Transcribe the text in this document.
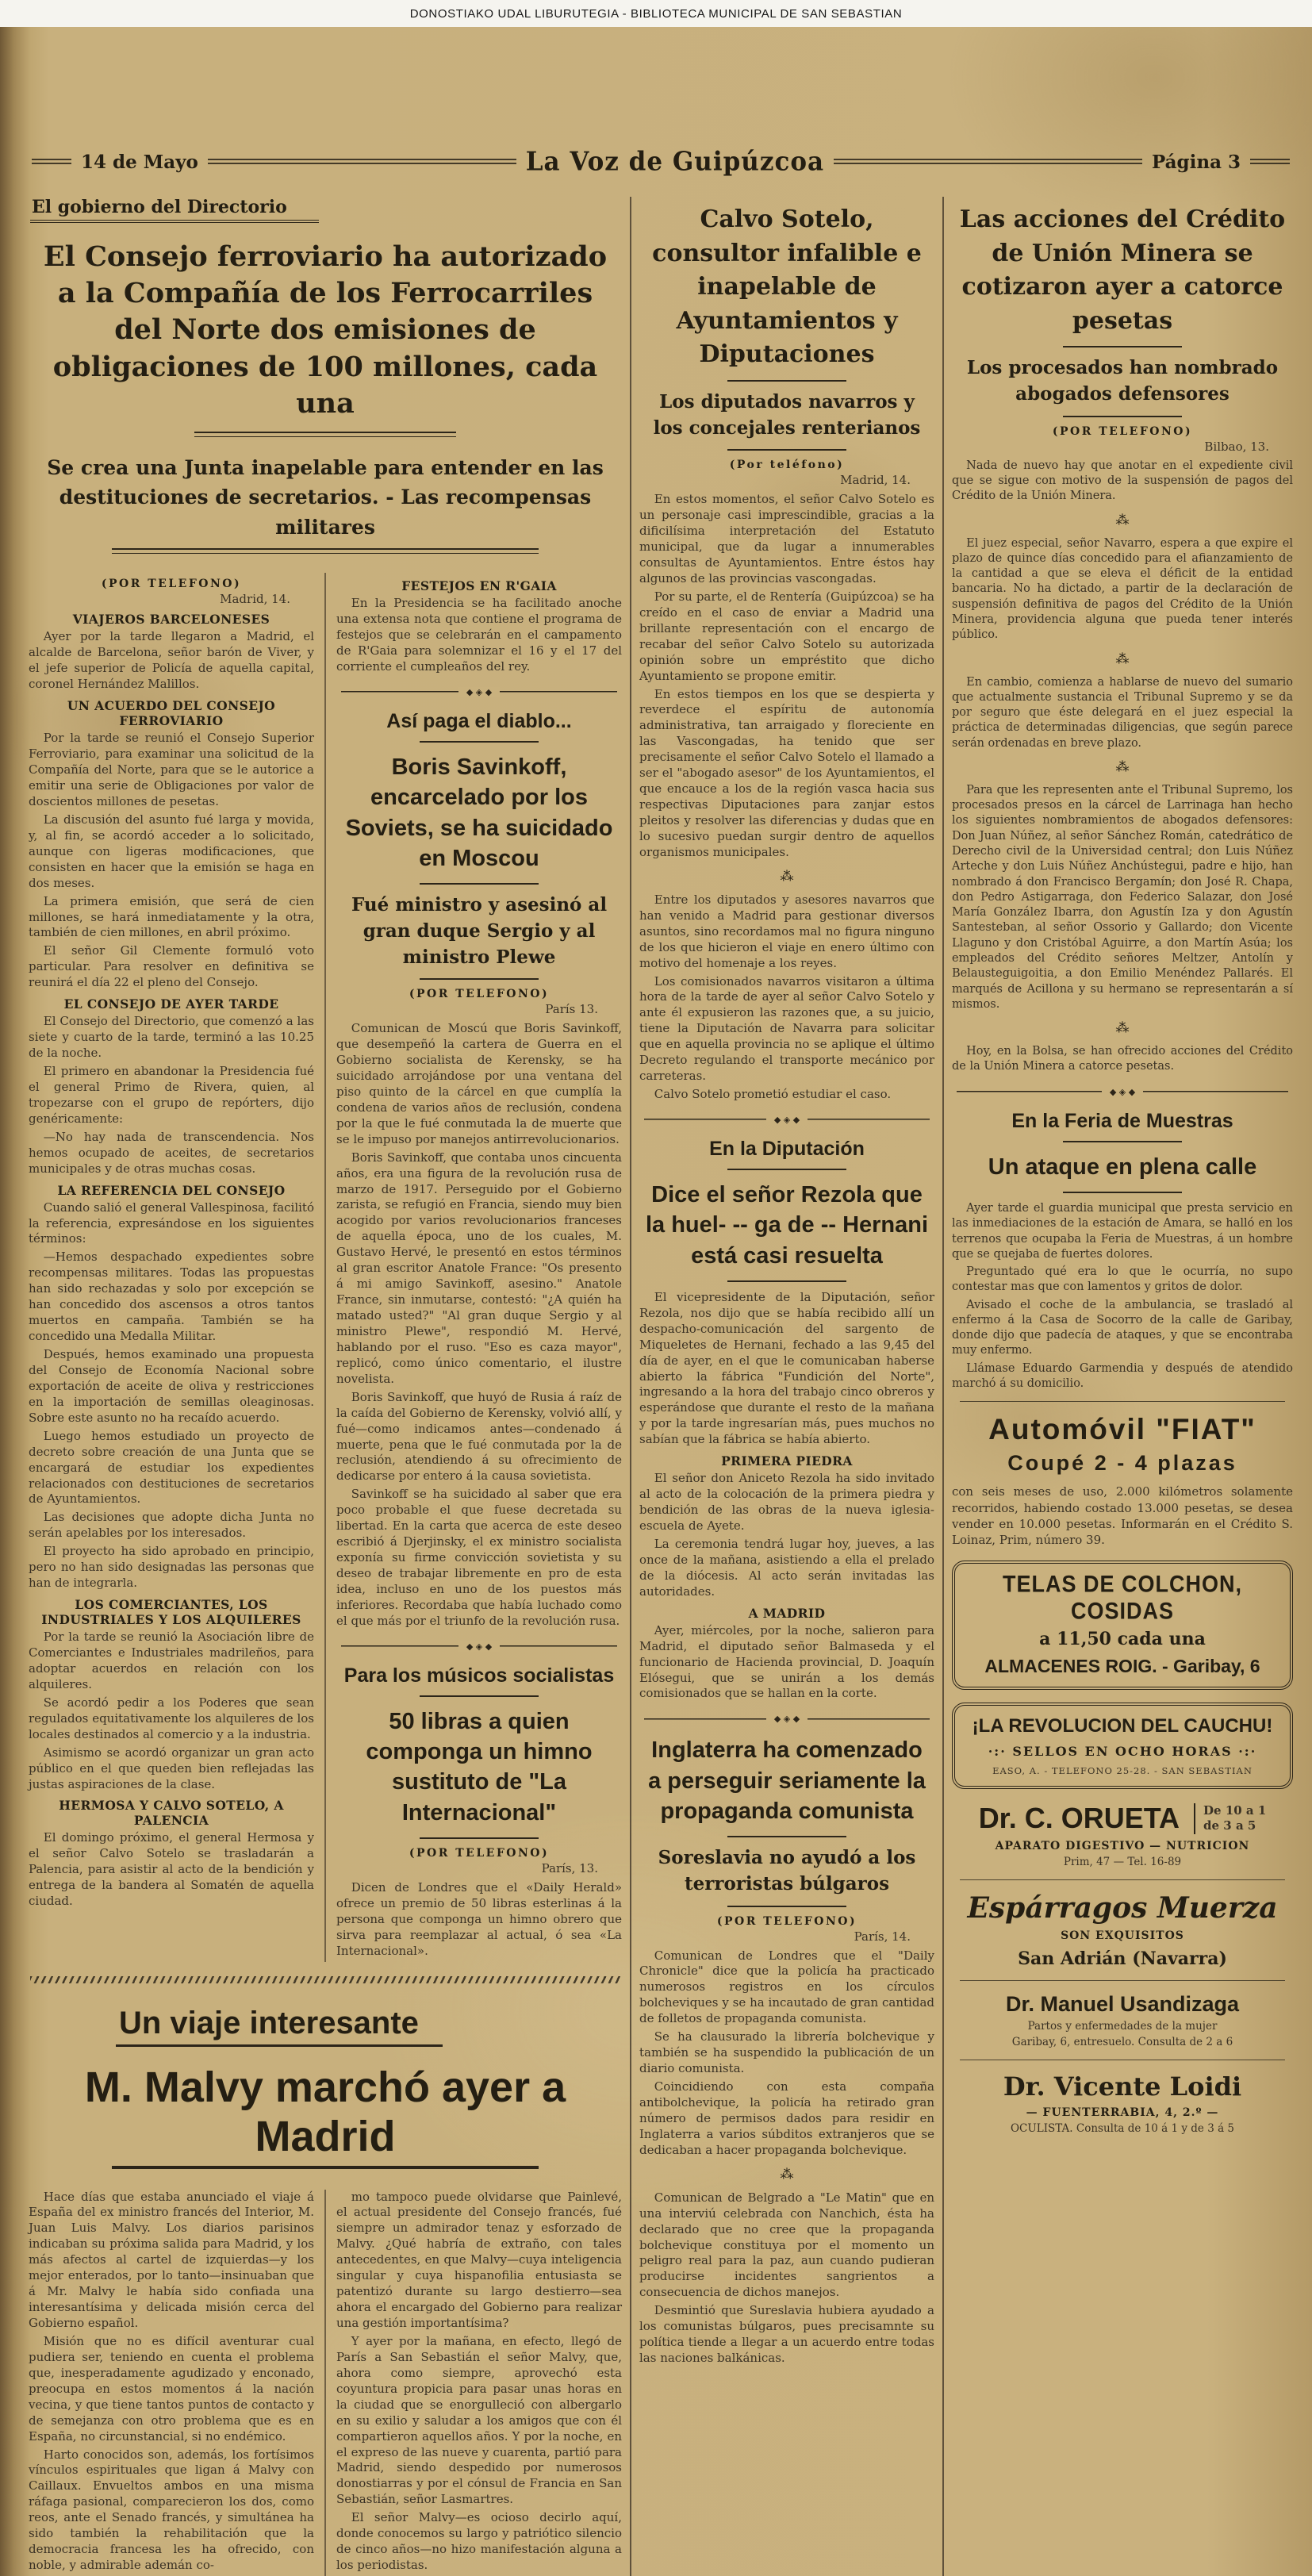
DONOSTIAKO UDAL LIBURUTEGIA - BIBLIOTECA MUNICIPAL DE SAN SEBASTIAN
14 de Mayo	La Voz de Guipúzcoa	Página 3
El gobierno del Directorio
El Consejo ferroviario ha autorizado a la Compañía de los Ferrocarriles del Norte dos emisiones de obligaciones de 100 millones, cada una
Se crea una Junta inapelable para entender en las destituciones de secretarios. - Las recompensas militares
(POR TELEFONO)
Madrid, 14.
VIAJEROS BARCELONESES
Ayer por la tarde llegaron a Madrid, el alcalde de Barcelona, señor barón de Viver, y el jefe superior de Policía de aquella capital, coronel Hernández Malillos.
UN ACUERDO DEL CONSEJO FERROVIARIO
Por la tarde se reunió el Consejo Superior Ferroviario, para examinar una solicitud de la Compañía del Norte, para que se le autorice a emitir una serie de Obligaciones por valor de doscientos millones de pesetas.
La discusión del asunto fué larga y movida, y, al fin, se acordó acceder a lo solicitado, aunque con ligeras modificaciones, que consisten en hacer que la emisión se haga en dos meses.
La primera emisión, que será de cien millones, se hará inmediatamente y la otra, también de cien millones, en abril próximo.
El señor Gil Clemente formuló voto particular. Para resolver en definitiva se reunirá el día 22 el pleno del Consejo.
EL CONSEJO DE AYER TARDE
El Consejo del Directorio, que comenzó a las siete y cuarto de la tarde, terminó a las 10.25 de la noche.
El primero en abandonar la Presidencia fué el general Primo de Rivera, quien, al tropezarse con el grupo de repórters, dijo genéricamente:
—No hay nada de transcendencia. Nos hemos ocupado de aceites, de secretarios municipales y de otras muchas cosas.
LA REFERENCIA DEL CONSEJO
Cuando salió el general Vallespinosa, facilitó la referencia, expresándose en los siguientes términos:
—Hemos despachado expedientes sobre recompensas militares. Todas las propuestas han sido rechazadas y solo por excepción se han concedido dos ascensos a otros tantos muertos en campaña. También se ha concedido una Medalla Militar.
Después, hemos examinado una propuesta del Consejo de Economía Nacional sobre exportación de aceite de oliva y restricciones en la importación de semillas oleaginosas. Sobre este asunto no ha recaído acuerdo.
Luego hemos estudiado un proyecto de decreto sobre creación de una Junta que se encargará de estudiar los expedientes relacionados con destituciones de secretarios de Ayuntamientos.
Las decisiones que adopte dicha Junta no serán apelables por los interesados.
El proyecto ha sido aprobado en principio, pero no han sido designadas las personas que han de integrarla.
LOS COMERCIANTES, LOS INDUSTRIALES Y LOS ALQUILERES
Por la tarde se reunió la Asociación libre de Comerciantes e Industriales madrileños, para adoptar acuerdos en relación con los alquileres.
Se acordó pedir a los Poderes que sean regulados equitativamente los alquileres de los locales destinados al comercio y a la industria.
Asimismo se acordó organizar un gran acto público en el que queden bien reflejadas las justas aspiraciones de la clase.
HERMOSA Y CALVO SOTELO, A PALENCIA
El domingo próximo, el general Hermosa y el señor Calvo Sotelo se trasladarán a Palencia, para asistir al acto de la bendición y entrega de la bandera al Somatén de aquella ciudad.
FESTEJOS EN R'GAIA
En la Presidencia se ha facilitado anoche una extensa nota que contiene el programa de festejos que se celebrarán en el campamento de R'Gaia para solemnizar el 16 y el 17 del corriente el cumpleaños del rey.
◆ ◈ ◆
Así paga el diablo...
Boris Savinkoff, encarcelado por los Soviets, se ha suicidado en Moscou
Fué ministro y asesinó al gran duque Sergio y al ministro Plewe
(POR TELEFONO)
París 13.
Comunican de Moscú que Boris Savinkoff, que desempeñó la cartera de Guerra en el Gobierno socialista de Kerensky, se ha suicidado arrojándose por una ventana del piso quinto de la cárcel en que cumplía la condena de varios años de reclusión, condena por la que le fué conmutada la de muerte que se le impuso por manejos antirrevolucionarios.
Boris Savinkoff, que contaba unos cincuenta años, era una figura de la revolución rusa de marzo de 1917. Perseguido por el Gobierno zarista, se refugió en Francia, siendo muy bien acogido por varios revolucionarios franceses de aquella época, uno de los cuales, M. Gustavo Hervé, le presentó en estos términos al gran escritor Anatole France: "Os presento á mi amigo Savinkoff, asesino." Anatole France, sin inmutarse, contestó: "¿A quién ha matado usted?" "Al gran duque Sergio y al ministro Plewe", respondió M. Hervé, hablando por el ruso. "Eso es caza mayor", replicó, como único comentario, el ilustre novelista.
Boris Savinkoff, que huyó de Rusia á raíz de la caída del Gobierno de Kerensky, volvió allí, y fué—como indicamos antes—condenado á muerte, pena que le fué conmutada por la de reclusión, atendiendo á su ofrecimiento de dedicarse por entero á la causa sovietista.
Savinkoff se ha suicidado al saber que era poco probable el que fuese decretada su libertad. En la carta que acerca de este deseo escribió á Djerjinsky, el ex ministro socialista exponía su firme convicción sovietista y su deseo de trabajar libremente en pro de esta idea, incluso en uno de los puestos más inferiores. Recordaba que había luchado como el que más por el triunfo de la revolución rusa.
◆ ◈ ◆
Para los músicos socialistas
50 libras a quien componga un himno sustituto de "La Internacional"
(POR TELEFONO)
París, 13.
Dicen de Londres que el «Daily Herald» ofrece un premio de 50 libras esterlinas á la persona que componga un himno obrero que sirva para reemplazar al actual, ó sea «La Internacional».
Un viaje interesante
M. Malvy marchó ayer a Madrid
Hace días que estaba anunciado el viaje á España del ex ministro francés del Interior, M. Juan Luis Malvy. Los diarios parisinos indicaban su próxima salida para Madrid, y los más afectos al cartel de izquierdas—y los mejor enterados, por lo tanto—insinuaban que á Mr. Malvy le había sido confiada una interesantísima y delicada misión cerca del Gobierno español.
Misión que no es difícil aventurar cual pudiera ser, teniendo en cuenta el problema que, inesperadamente agudizado y enconado, preocupa en estos momentos á la nación vecina, y que tiene tantos puntos de contacto y de semejanza con otro problema que es en España, no circunstancial, si no endémico.
Harto conocidos son, además, los fortísimos vínculos espirituales que ligan á Malvy con Caillaux. Envueltos ambos en una misma ráfaga pasional, comparecieron los dos, como reos, ante el Senado francés, y simultánea ha sido también la rehabilitación que la democracia francesa les ha ofrecido, con noble, y admirable ademán co-
mo tampoco puede olvidarse que Painlevé, el actual presidente del Consejo francés, fué siempre un admirador tenaz y esforzado de Malvy. ¿Qué habría de extraño, con tales antecedentes, en que Malvy—cuya inteligencia singular y cuya hispanofilia entusiasta se patentizó durante su largo destierro—sea ahora el encargado del Gobierno para realizar una gestión importantísima?
Y ayer por la mañana, en efecto, llegó de París a San Sebastián el señor Malvy, que, ahora como siempre, aprovechó esta coyuntura propicia para pasar unas horas en la ciudad que se enorgulleció con albergarlo en su exilio y saludar a los amigos que con él compartieron aquellos años. Y por la noche, en el expreso de las nueve y cuarenta, partió para Madrid, siendo despedido por numerosos donostiarras y por el cónsul de Francia en San Sebastián, señor Lasmartres.
El señor Malvy—es ocioso decirlo aquí, donde conocemos su largo y patriótico silencio de cinco años—no hizo manifestación alguna a los periodistas.
Calvo Sotelo, consultor infalible e inapelable de Ayuntamientos y Diputaciones
Los diputados navarros y los concejales renterianos
(Por teléfono)
Madrid, 14.
En estos momentos, el señor Calvo Sotelo es un personaje casi imprescindible, gracias a la dificilísima interpretación del Estatuto municipal, que da lugar a innumerables consultas de Ayuntamientos. Entre éstos hay algunos de las provincias vascongadas.
Por su parte, el de Rentería (Guipúzcoa) se ha creído en el caso de enviar a Madrid una brillante representación con el encargo de recabar del señor Calvo Sotelo su autorizada opinión sobre un empréstito que dicho Ayuntamiento se propone emitir.
En estos tiempos en los que se despierta y reverdece el espíritu de autonomía administrativa, tan arraigado y floreciente en las Vascongadas, ha tenido que ser precisamente el señor Calvo Sotelo el llamado a ser el "abogado asesor" de los Ayuntamientos, el que encauce a los de la región vasca hacia sus respectivas Diputaciones para zanjar estos pleitos y resolver las diferencias y dudas que en lo sucesivo puedan surgir dentro de aquellos organismos municipales.
⁂
Entre los diputados y asesores navarros que han venido a Madrid para gestionar diversos asuntos, sino recordamos mal no figura ninguno de los que hicieron el viaje en enero último con motivo del homenaje a los reyes.
Los comisionados navarros visitaron a última hora de la tarde de ayer al señor Calvo Sotelo y ante él expusieron las razones que, a su juicio, tiene la Diputación de Navarra para solicitar que en aquella provincia no se aplique el último Decreto regulando el transporte mecánico por carreteras.
Calvo Sotelo prometió estudiar el caso.
◆ ◈ ◆
En la Diputación
Dice el señor Rezola que la huel- -- ga de -- Hernani está casi resuelta
El vicepresidente de la Diputación, señor Rezola, nos dijo que se había recibido allí un despacho-comunicación del sargento de Miqueletes de Hernani, fechado a las 9,45 del día de ayer, en el que le comunicaban haberse abierto la fábrica "Fundición del Norte", ingresando a la hora del trabajo cinco obreros y esperándose que durante el resto de la mañana y por la tarde ingresarían más, pues muchos no sabían que la fábrica se había abierto.
PRIMERA PIEDRA
El señor don Aniceto Rezola ha sido invitado al acto de la colocación de la primera piedra y bendición de las obras de la nueva iglesia-escuela de Ayete.
La ceremonia tendrá lugar hoy, jueves, a las once de la mañana, asistiendo a ella el prelado de la diócesis. Al acto serán invitadas las autoridades.
A MADRID
Ayer, miércoles, por la noche, salieron para Madrid, el diputado señor Balmaseda y el funcionario de Hacienda provincial, D. Joaquín Elósegui, que se unirán a los demás comisionados que se hallan en la corte.
◆ ◈ ◆
Inglaterra ha comenzado a perseguir seriamente la propaganda comunista
Soreslavia no ayudó a los terroristas búlgaros
(POR TELEFONO)
París, 14.
Comunican de Londres que el "Daily Chronicle" dice que la policía ha practicado numerosos registros en los círculos bolcheviques y se ha incautado de gran cantidad de folletos de propaganda comunista.
Se ha clausurado la librería bolchevique y también se ha suspendido la publicación de un diario comunista.
Coincidiendo con esta compaña antibolchevique, la policía ha retirado gran número de permisos dados para residir en Inglaterra a varios súbditos extranjeros que se dedicaban a hacer propaganda bolchevique.
⁂
Comunican de Belgrado a "Le Matin" que en una interviú celebrada con Nanchich, ésta ha declarado que no cree que la propaganda bolchevique constituya por el momento un peligro real para la paz, aun cuando pudieran producirse incidentes sangrientos a consecuencia de dichos manejos.
Desmintió que Sureslavia hubiera ayudado a los comunistas búlgaros, pues precisamnte su política tiende a llegar a un acuerdo entre todas las naciones balkánicas.
Las acciones del Crédito de Unión Minera se cotizaron ayer a catorce pesetas
Los procesados han nombrado abogados defensores
(POR TELEFONO)
Bilbao, 13.
Nada de nuevo hay que anotar en el expediente civil que se sigue con motivo de la suspensión de pagos del Crédito de la Unión Minera.
⁂
El juez especial, señor Navarro, espera a que expire el plazo de quince días concedido para el afianzamiento de la cantidad a que se eleva el déficit de la entidad bancaria. No ha dictado, a partir de la declaración de suspensión definitiva de pagos del Crédito de la Unión Minera, providencia alguna que pueda tener interés público.
⁂
En cambio, comienza a hablarse de nuevo del sumario que actualmente sustancia el Tribunal Supremo y se da por seguro que éste delegará en el juez especial la práctica de determinadas diligencias, que según parece serán ordenadas en breve plazo.
⁂
Para que les representen ante el Tribunal Supremo, los procesados presos en la cárcel de Larrinaga han hecho los siguientes nombramientos de abogados defensores: Don Juan Núñez, al señor Sánchez Román, catedrático de Derecho civil de la Universidad central; don Luis Núñez Arteche y don Luis Núñez Anchústegui, padre e hijo, han nombrado á don Francisco Bergamín; don José R. Chapa, don Pedro Astigarraga, don Federico Salazar, don José María González Ibarra, don Agustín Iza y don Agustín Santesteban, al señor Ossorio y Gallardo; don Vicente Llaguno y don Cristóbal Aguirre, a don Martín Asúa; los empleados del Crédito señores Meltzer, Antolín y Belausteguigoitia, a don Emilio Menéndez Pallarés. El marqués de Acillona y su hermano se representarán a sí mismos.
⁂
Hoy, en la Bolsa, se han ofrecido acciones del Crédito de la Unión Minera a catorce pesetas.
◆ ◈ ◆
En la Feria de Muestras
Un ataque en plena calle
Ayer tarde el guardia municipal que presta servicio en las inmediaciones de la estación de Amara, se halló en los terrenos que ocupaba la Feria de Muestras, á un hombre que se quejaba de fuertes dolores.
Preguntado qué era lo que le ocurría, no supo contestar mas que con lamentos y gritos de dolor.
Avisado el coche de la ambulancia, se trasladó al enfermo á la Casa de Socorro de la calle de Garibay, donde dijo que padecía de ataques, y que se encontraba muy enfermo.
Llámase Eduardo Garmendia y después de atendido marchó á su domicilio.
Automóvil "FIAT"
Coupé 2 - 4 plazas
con seis meses de uso, 2.000 kilómetros solamente recorridos, habiendo costado 13.000 pesetas, se desea vender en 10.000 pesetas. Informarán en el Crédito S. Loinaz, Prim, número 39.
TELAS DE COLCHON, COSIDAS
a 11,50 cada una
ALMACENES ROIG. - Garibay, 6
¡LA REVOLUCION DEL CAUCHU!
·:· SELLOS EN OCHO HORAS ·:·
EASO, A. - TELEFONO 25-28. - SAN SEBASTIAN
Dr. C. ORUETA De 10 a 1
de 3 a 5
APARATO DIGESTIVO — NUTRICION
Prim, 47 — Tel. 16-89
Espárragos Muerza
SON EXQUISITOS
San Adrián (Navarra)
Dr. Manuel Usandizaga
Partos y enfermedades de la mujer
Garibay, 6, entresuelo. Consulta de 2 a 6
Dr. Vicente Loidi
— FUENTERRABIA, 4, 2.º —
OCULISTA. Consulta de 10 á 1 y de 3 á 5
